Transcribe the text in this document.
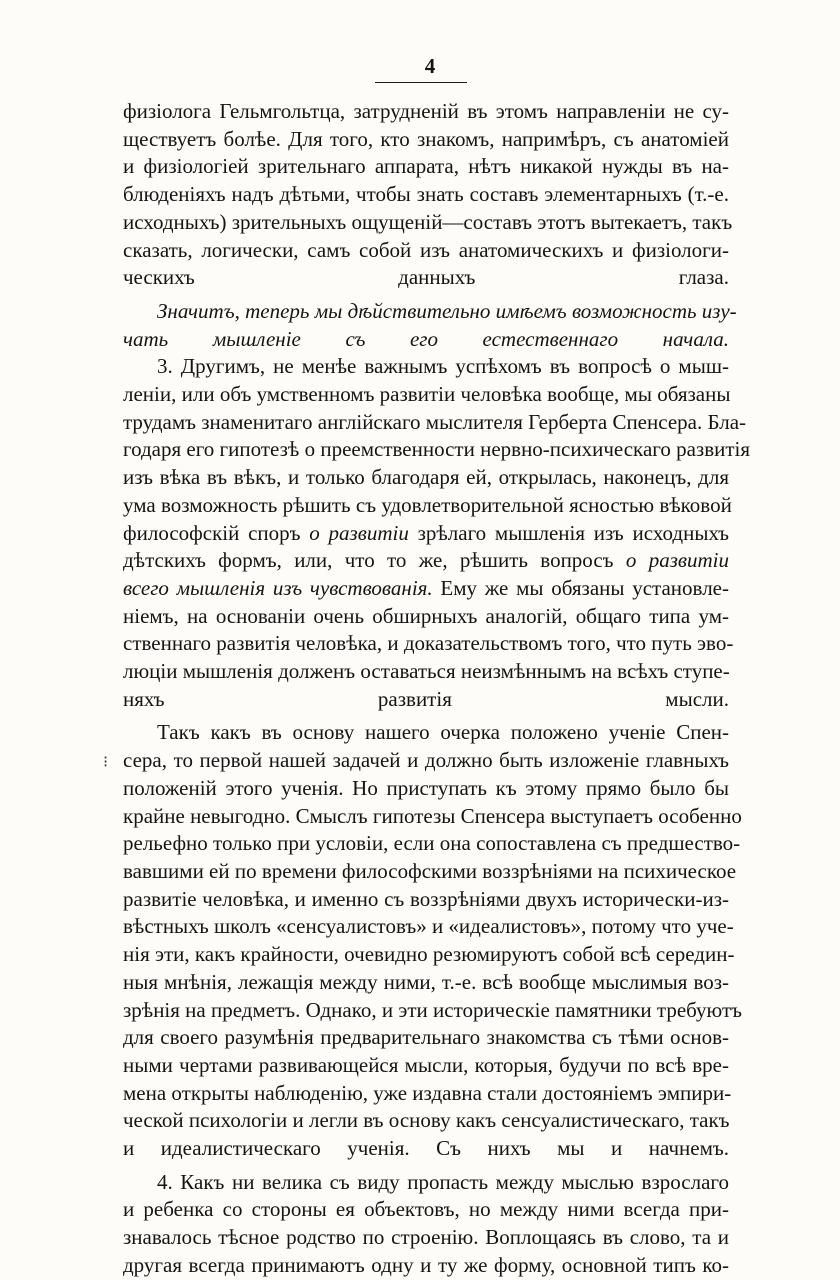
4
⁝

физiолога Гельмгольтца, затрудненiй въ этомъ направленiи не су-
ществуетъ болѣе. Для того, кто знакомъ, напримѣръ, съ анатомiей
и физiологiей зрительнаго аппарата, нѣтъ никакой нужды въ на-
блюденiяхъ надъ дѣтьми, чтобы знать составъ элементарныхъ (т.-е.
исходныхъ) зрительныхъ ощущенiй—составъ этотъ вытекаетъ, такъ
сказать, логически, самъ собой изъ анатомическихъ и физiологи-
ческихъ данныхъ глаза.

Значитъ, теперь мы дѣйствительно имѣемъ возможность изу-
чать мышленiе съ его естественнаго начала.

3. Другимъ, не менѣе важнымъ успѣхомъ въ вопросѣ о мыш-
ленiи, или объ умственномъ развитiи человѣка вообще, мы обязаны
трудамъ знаменитаго англiйскаго мыслителя Герберта Спенсера. Бла-
годаря его гипотезѣ о преемственности нервно-психическаго развитiя
изъ вѣка въ вѣкъ, и только благодаря ей, открылась, наконецъ, для
ума возможность рѣшить съ удовлетворительной ясностью вѣковой
философскiй споръ о развитiи зрѣлаго мышленiя изъ исходныхъ
дѣтскихъ формъ, или, что то же, рѣшить вопросъ о развитiи
всего мышленiя изъ чувствованiя. Ему же мы обязаны установле-
нiемъ, на основанiи очень обширныхъ аналогiй, общаго типа ум-
ственнаго развитiя человѣка, и доказательствомъ того, что путь эво-
люцiи мышленiя долженъ оставаться неизмѣннымъ на всѣхъ ступе-
няхъ развитiя мысли.

Такъ какъ въ основу нашего очерка положено ученiе Спен-
сера, то первой нашей задачей и должно быть изложенiе главныхъ
положенiй этого ученiя. Но приступать къ этому прямо было бы
крайне невыгодно. Смыслъ гипотезы Спенсера выступаетъ особенно
рельефно только при условiи, если она сопоставлена съ предшество-
вавшими ей по времени философскими воззрѣнiями на психическое
развитiе человѣка, и именно съ воззрѣнiями двухъ исторически-из-
вѣстныхъ школъ «сенсуалистовъ» и «идеалистовъ», потому что уче-
нiя эти, какъ крайности, очевидно резюмируютъ собой всѣ середин-
ныя мнѣнiя, лежащiя между ними, т.-е. всѣ вообще мыслимыя воз-
зрѣнiя на предметъ. Однако, и эти историческiе памятники требуютъ
для своего разумѣнiя предварительнаго знакомства съ тѣми основ-
ными чертами развивающейся мысли, которыя, будучи по всѣ вре-
мена открыты наблюденiю, уже издавна стали достоянiемъ эмпири-
ческой психологiи и легли въ основу какъ сенсуалистическаго, такъ
и идеалистическаго ученiя. Съ нихъ мы и начнемъ.

4. Какъ ни велика съ виду пропасть между мыслью взрослаго
и ребенка со стороны ея объектовъ, но между ними всегда при-
знавалось тѣсное родство по строенiю. Воплощаясь въ слово, та и
другая всегда принимаютъ одну и ту же форму, основной типъ ко-
